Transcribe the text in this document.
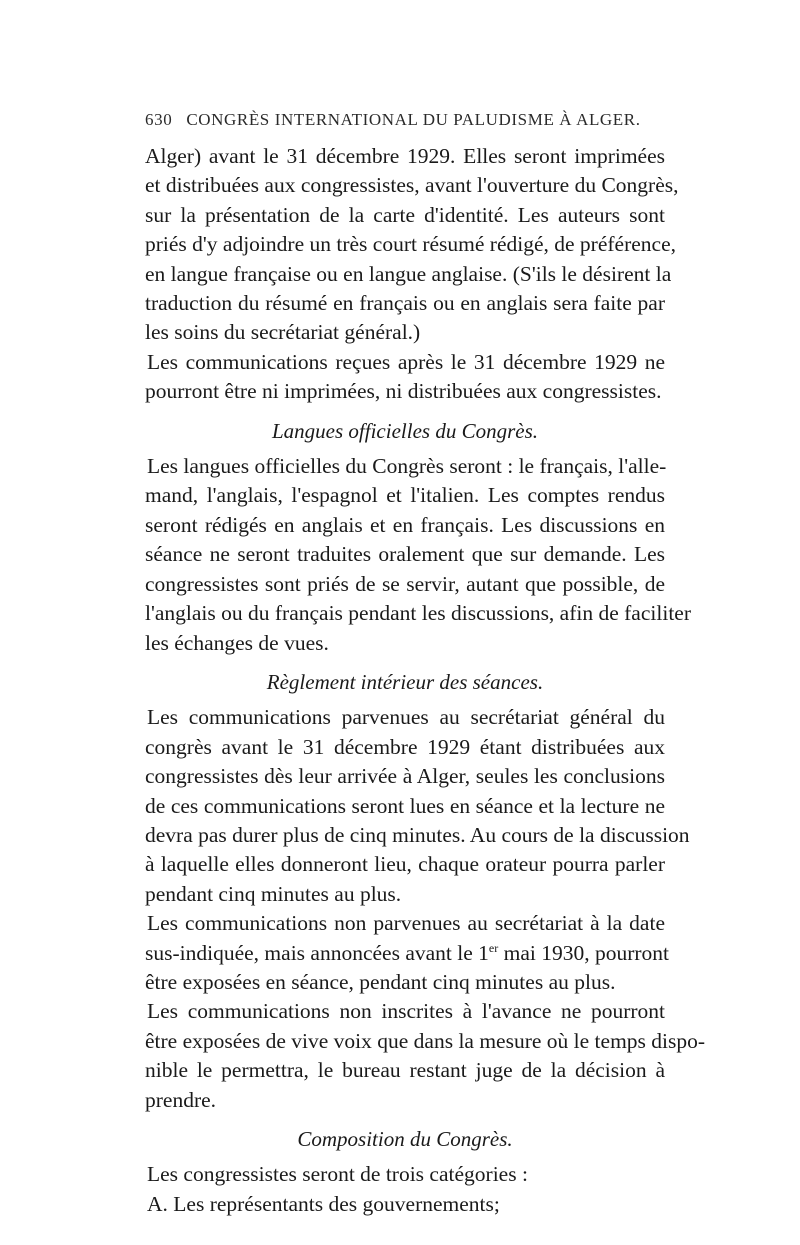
630 CONGRÈS INTERNATIONAL DU PALUDISME À ALGER.
Alger) avant le 31 décembre 1929. Elles seront imprimées
et distribuées aux congressistes, avant l'ouverture du Congrès,
sur la présentation de la carte d'identité. Les auteurs sont
priés d'y adjoindre un très court résumé rédigé, de préférence,
en langue française ou en langue anglaise. (S'ils le désirent la
traduction du résumé en français ou en anglais sera faite par
les soins du secrétariat général.)
Les communications reçues après le 31 décembre 1929 ne
pourront être ni imprimées, ni distribuées aux congressistes.
Langues officielles du Congrès.
Les langues officielles du Congrès seront : le français, l'alle-
mand, l'anglais, l'espagnol et l'italien. Les comptes rendus
seront rédigés en anglais et en français. Les discussions en
séance ne seront traduites oralement que sur demande. Les
congressistes sont priés de se servir, autant que possible, de
l'anglais ou du français pendant les discussions, afin de faciliter
les échanges de vues.
Règlement intérieur des séances.
Les communications parvenues au secrétariat général du
congrès avant le 31 décembre 1929 étant distribuées aux
congressistes dès leur arrivée à Alger, seules les conclusions
de ces communications seront lues en séance et la lecture ne
devra pas durer plus de cinq minutes. Au cours de la discussion
à laquelle elles donneront lieu, chaque orateur pourra parler
pendant cinq minutes au plus.
Les communications non parvenues au secrétariat à la date
sus-indiquée, mais annoncées avant le 1er mai 1930, pourront
être exposées en séance, pendant cinq minutes au plus.
Les communications non inscrites à l'avance ne pourront
être exposées de vive voix que dans la mesure où le temps dispo-
nible le permettra, le bureau restant juge de la décision à
prendre.
Composition du Congrès.
Les congressistes seront de trois catégories :
A. Les représentants des gouvernements;
